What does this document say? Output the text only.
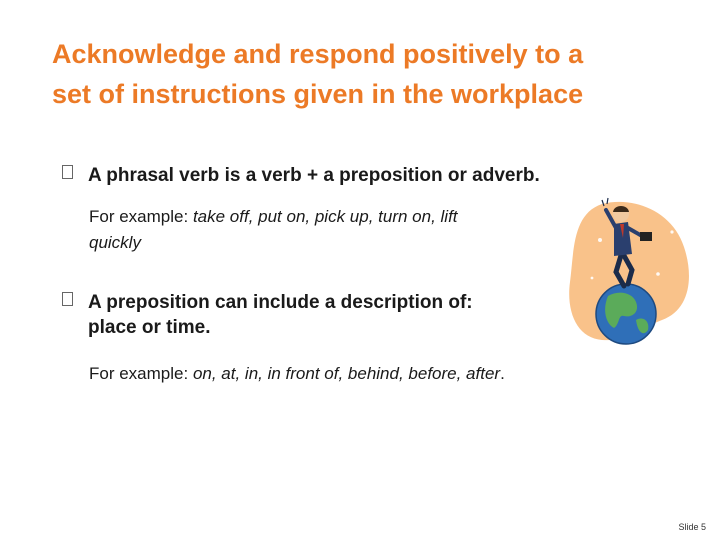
Acknowledge and respond positively to a
set of instructions given in the workplace
A phrasal verb is a verb + a preposition or adverb.
For example: take off, put on, pick up, turn on, lift
quickly
A preposition can include a description of:
place or time.
For example: on, at, in, in front of, behind, before, after.
Slide 5
